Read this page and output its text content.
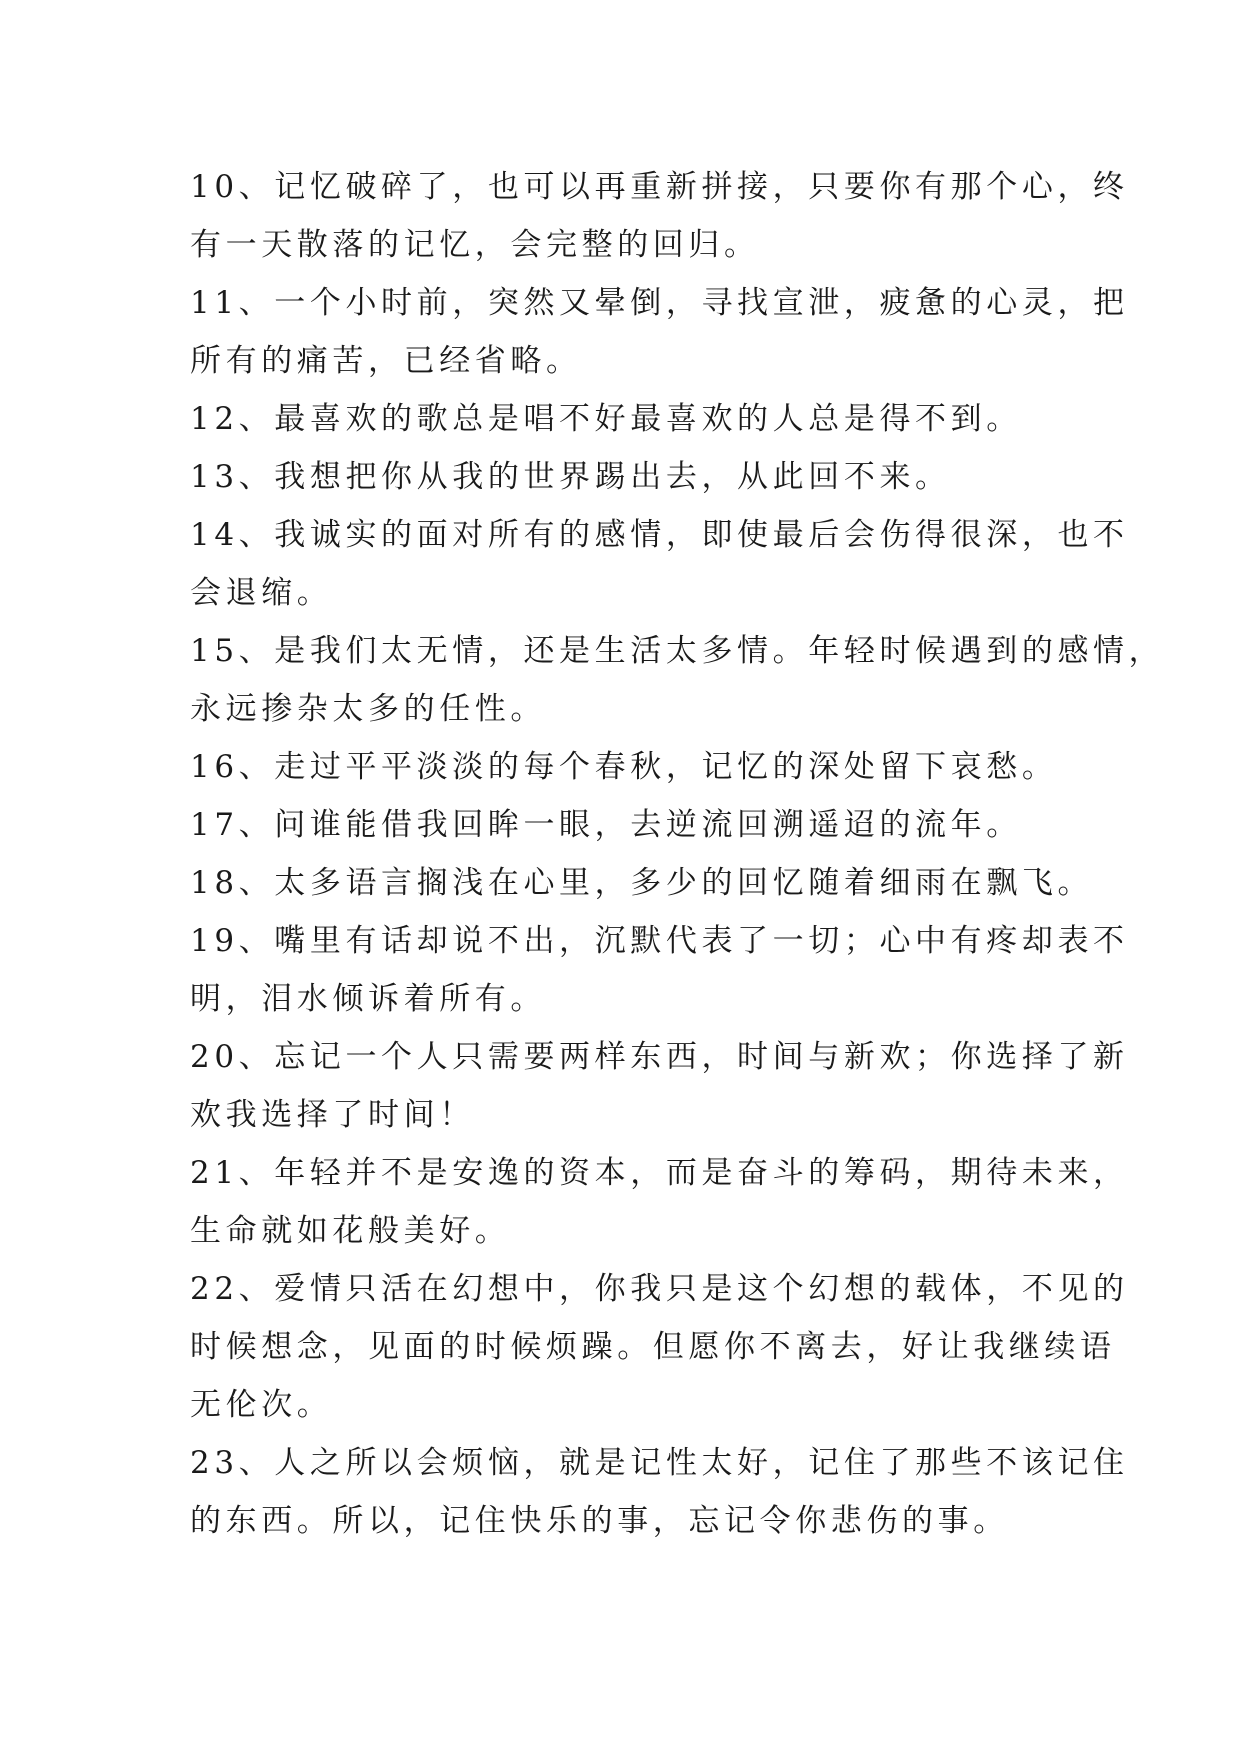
10、记忆破碎了，也可以再重新拼接，只要你有那个心，终
有一天散落的记忆，会完整的回归。
11、一个小时前，突然又晕倒，寻找宣泄，疲惫的心灵，把
所有的痛苦，已经省略。
12、最喜欢的歌总是唱不好最喜欢的人总是得不到。
13、我想把你从我的世界踢出去，从此回不来。
14、我诚实的面对所有的感情，即使最后会伤得很深，也不
会退缩。
15、是我们太无情，还是生活太多情。年轻时候遇到的感情，
永远掺杂太多的任性。
16、走过平平淡淡的每个春秋，记忆的深处留下哀愁。
17、问谁能借我回眸一眼，去逆流回溯遥迢的流年。
18、太多语言搁浅在心里，多少的回忆随着细雨在飘飞。
19、嘴里有话却说不出，沉默代表了一切；心中有疼却表不
明，泪水倾诉着所有。
20、忘记一个人只需要两样东西，时间与新欢；你选择了新
欢我选择了时间！
21、年轻并不是安逸的资本，而是奋斗的筹码，期待未来，
生命就如花般美好。
22、爱情只活在幻想中，你我只是这个幻想的载体，不见的
时候想念，见面的时候烦躁。但愿你不离去，好让我继续语
无伦次。
23、人之所以会烦恼，就是记性太好，记住了那些不该记住
的东西。所以，记住快乐的事，忘记令你悲伤的事。
